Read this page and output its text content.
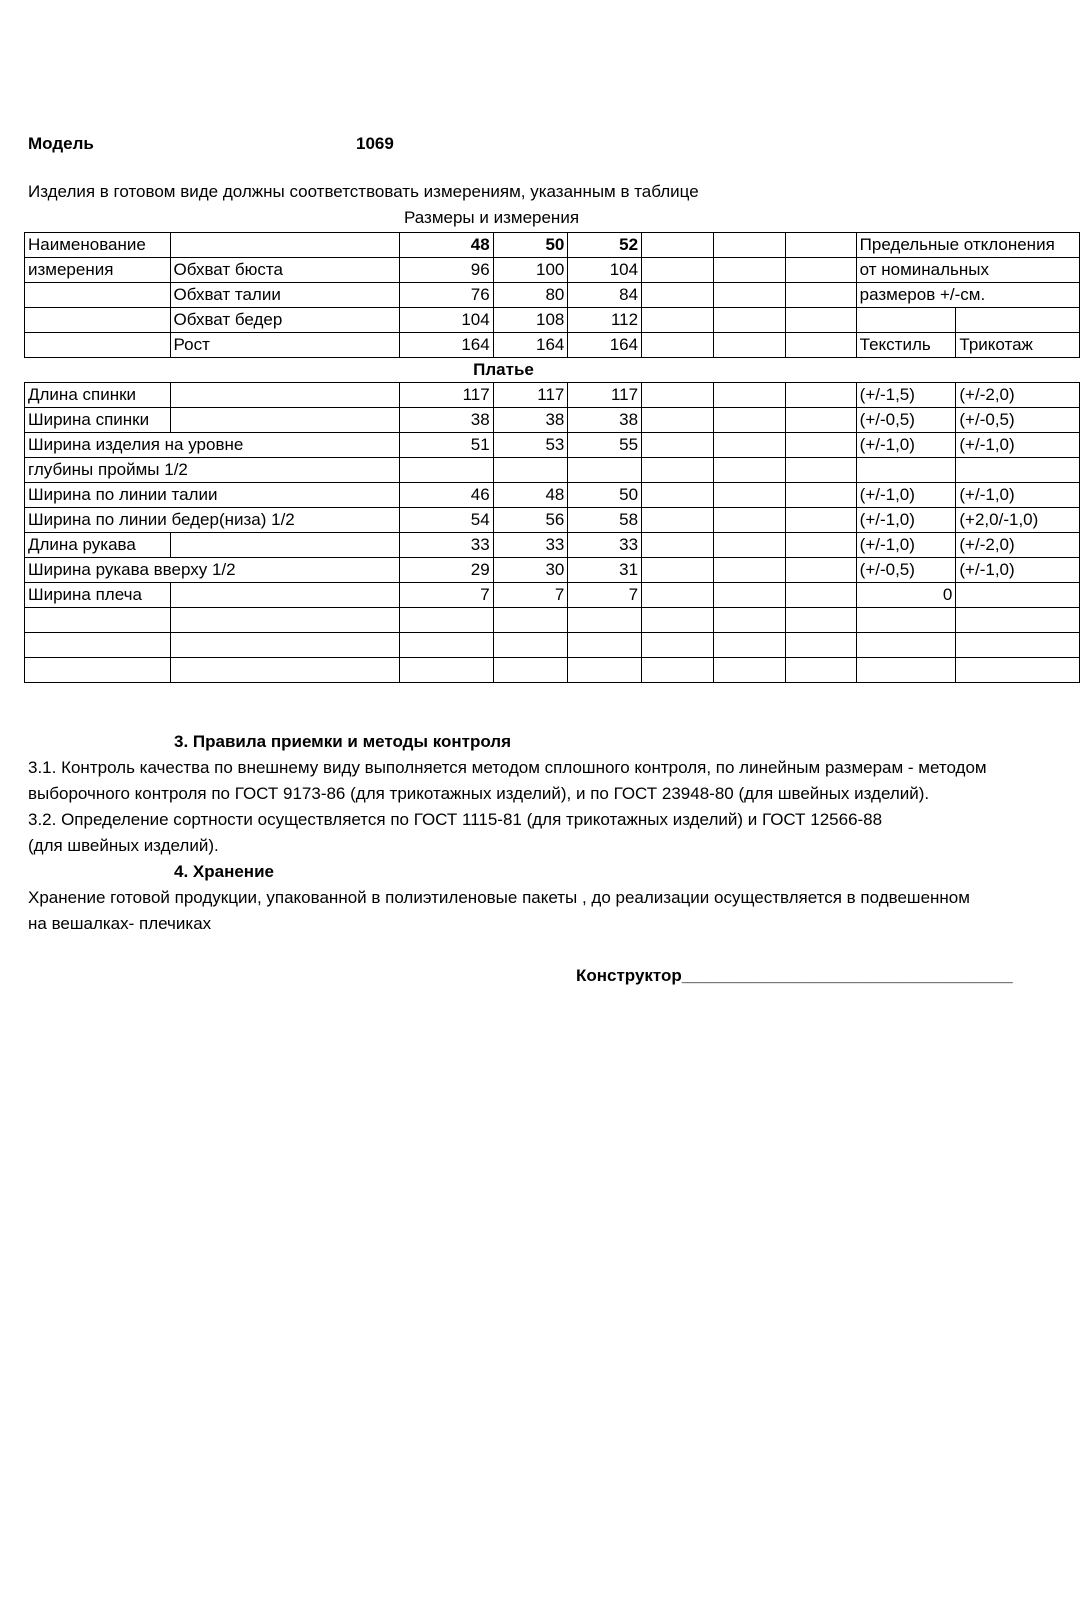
Модель	1069
Изделия в готовом виде должны соответствовать измерениям, указанным в таблице
Размеры и измерения
Наименование		48	50	52				Предельные отклонения	
измерения	Обхват бюста	96	100	104				от номинальных	
	Обхват талии	76	80	84				размеров +/-см.	
	Обхват бедер	104	108	112					
	Рост	164	164	164				Текстиль	Трикотаж
Платье									
Длина спинки		117	117	117				(+/-1,5)	(+/-2,0)
Ширина спинки		38	38	38				(+/-0,5)	(+/-0,5)
Ширина изделия на уровне		51	53	55				(+/-1,0)	(+/-1,0)
глубины проймы 1/2									
Ширина по линии талии		46	48	50				(+/-1,0)	(+/-1,0)
Ширина по линии бедер(низа) 1/2		54	56	58				(+/-1,0)	(+2,0/-1,0)
Длина рукава		33	33	33				(+/-1,0)	(+/-2,0)
Ширина рукава вверху 1/2		29	30	31				(+/-0,5)	(+/-1,0)
Ширина плеча		7	7	7				0	

3. Правила приемки и методы контроля
3.1. Контроль качества по внешнему виду выполняется методом сплошного контроля, по линейным размерам - методом
выборочного контроля по ГОСТ 9173-86 (для трикотажных изделий), и по ГОСТ 23948-80 (для швейных изделий).
3.2. Определение сортности осуществляется по ГОСТ 1115-81 (для трикотажных изделий) и ГОСТ 12566-88
(для швейных изделий).
4. Хранение
Хранение готовой продукции, упакованной в полиэтиленовые пакеты , до реализации осуществляется в подвешенном
на вешалках- плечиках
Конструктор___________________________________
